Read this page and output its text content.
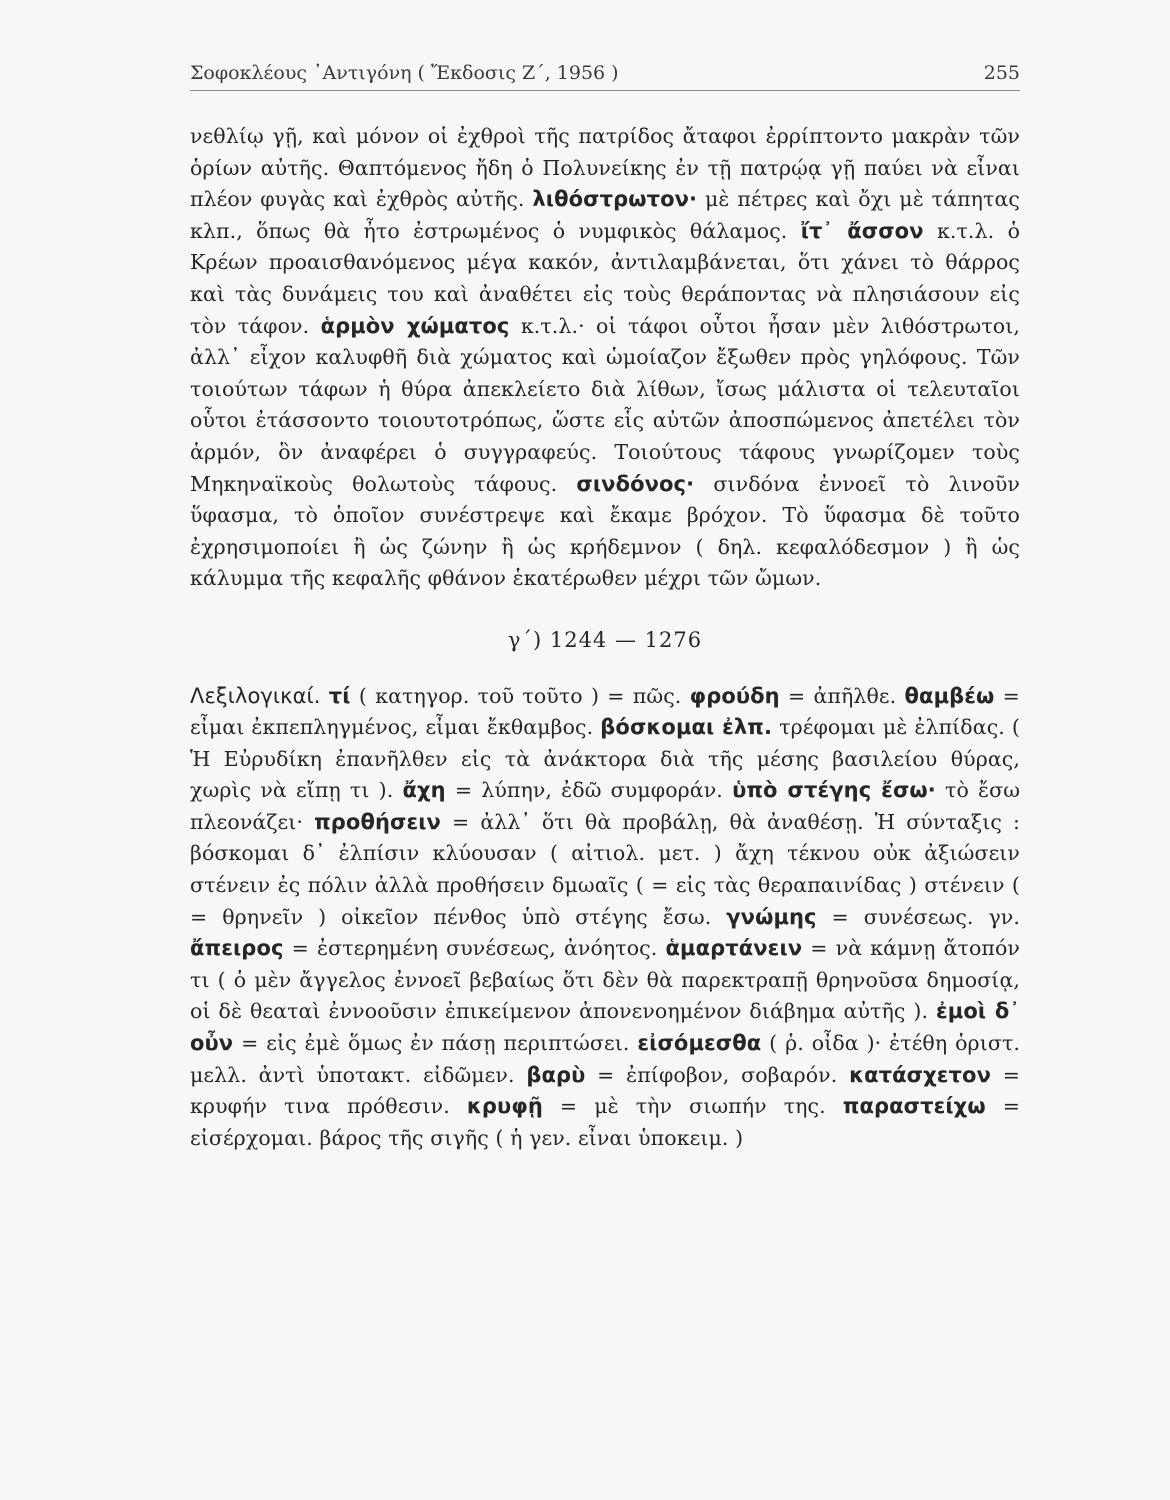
Σοφοκλέους ᾿Αντιγόνη ( Ἔκδοσις Ζ΄, 1956 )	255

νεθλίῳ γῇ, καὶ μόνον οἱ ἐχθροὶ τῆς πατρίδος ἄταφοι ἐρρίπτοντο μακρὰν τῶν ὁρίων αὐτῆς. Θαπτόμενος ἤδη ὁ Πολυνείκης ἐν τῇ πατρῴᾳ γῇ παύει νὰ εἶναι πλέον φυγὰς καὶ ἐχθρὸς αὐτῆς. λιθόστρωτον· μὲ πέτρες καὶ ὄχι μὲ τάπητας κλπ., ὅπως θὰ ἦτο ἐστρωμένος ὁ νυμφικὸς θάλαμος. ἴτ᾿ ἄσσον κ.τ.λ. ὁ Κρέων προαισθανόμενος μέγα κακόν, ἀντιλαμβάνεται, ὅτι χάνει τὸ θάρρος καὶ τὰς δυνάμεις του καὶ ἀναθέτει εἰς τοὺς θεράποντας νὰ πλησιάσουν εἰς τὸν τάφον. ἁρμὸν χώματος κ.τ.λ.· οἱ τάφοι οὗτοι ἦσαν μὲν λιθόστρωτοι, ἀλλ᾿ εἶχον καλυφθῆ διὰ χώματος καὶ ὡμοίαζον ἔξωθεν πρὸς γηλόφους. Τῶν τοιούτων τάφων ἡ θύρα ἀπεκλείετο διὰ λίθων, ἴσως μάλιστα οἱ τελευταῖοι οὗτοι ἐτάσσοντο τοιουτοτρόπως, ὥστε εἷς αὐτῶν ἀποσπώμενος ἀπετέλει τὸν ἁρμόν, ὃν ἀναφέρει ὁ συγγραφεύς. Τοιούτους τάφους γνωρίζομεν τοὺς Μηκηναϊκοὺς θολωτοὺς τάφους. σινδόνος· σινδόνα ἐννοεῖ τὸ λινοῦν ὕφασμα, τὸ ὁποῖον συνέστρεψε καὶ ἔκαμε βρόχον. Τὸ ὕφασμα δὲ τοῦτο ἐχρησιμοποίει ἢ ὡς ζώνην ἢ ὡς κρήδεμνον ( δηλ. κεφαλόδεσμον ) ἢ ὡς κάλυμμα τῆς κεφαλῆς φθάνον ἑκατέρωθεν μέχρι τῶν ὤμων.

γ΄) 1244 — 1276

Λεξιλογικαί. τί ( κατηγορ. τοῦ τοῦτο ) = πῶς. φρούδη = ἀπῆλθε. θαμβέω = εἶμαι ἐκπεπληγμένος, εἶμαι ἔκθαμβος. βόσκομαι ἐλπ. τρέφομαι μὲ ἐλπίδας. ( Ἡ Εὐρυδίκη ἐπανῆλθεν εἰς τὰ ἀνάκτορα διὰ τῆς μέσης βασιλείου θύρας, χωρὶς νὰ εἴπῃ τι ). ἄχη = λύπην, ἐδῶ συμφοράν. ὑπὸ στέγης ἔσω· τὸ ἔσω πλεονάζει· προθήσειν = ἀλλ᾿ ὅτι θὰ προβάλῃ, θὰ ἀναθέσῃ. Ἡ σύνταξις : βόσκομαι δ᾿ ἐλπίσιν κλύουσαν ( αἰτιολ. μετ. ) ἄχη τέκνου οὐκ ἀξιώσειν στένειν ἐς πόλιν ἀλλὰ προθήσειν δμωαῖς ( = εἰς τὰς θεραπαινίδας ) στένειν ( = θρηνεῖν ) οἰκεῖον πένθος ὑπὸ στέγης ἔσω. γνώμης = συνέσεως. γν. ἄπειρος = ἐστερημένη συνέσεως, ἀνόητος. ἁμαρτάνειν = νὰ κάμνῃ ἄτοπόν τι ( ὁ μὲν ἄγγελος ἐννοεῖ βεβαίως ὅτι δὲν θὰ παρεκτραπῇ θρηνοῦσα δημοσίᾳ, οἱ δὲ θεαταὶ ἐννοοῦσιν ἐπικείμενον ἀπονενοημένον διάβημα αὐτῆς ). ἐμοὶ δ᾿ οὖν = εἰς ἐμὲ ὅμως ἐν πάσῃ περιπτώσει. εἰσόμεσθα ( ῥ. οἶδα )· ἐτέθη ὁριστ. μελλ. ἀντὶ ὑποτακτ. εἰδῶμεν. βαρὺ = ἐπίφοβον, σοβαρόν. κατάσχετον = κρυφήν τινα πρόθεσιν. κρυφῇ = μὲ τὴν σιωπήν της. παραστείχω = εἰσέρχομαι. βάρος τῆς σιγῆς ( ἡ γεν. εἶναι ὑποκειμ. )
